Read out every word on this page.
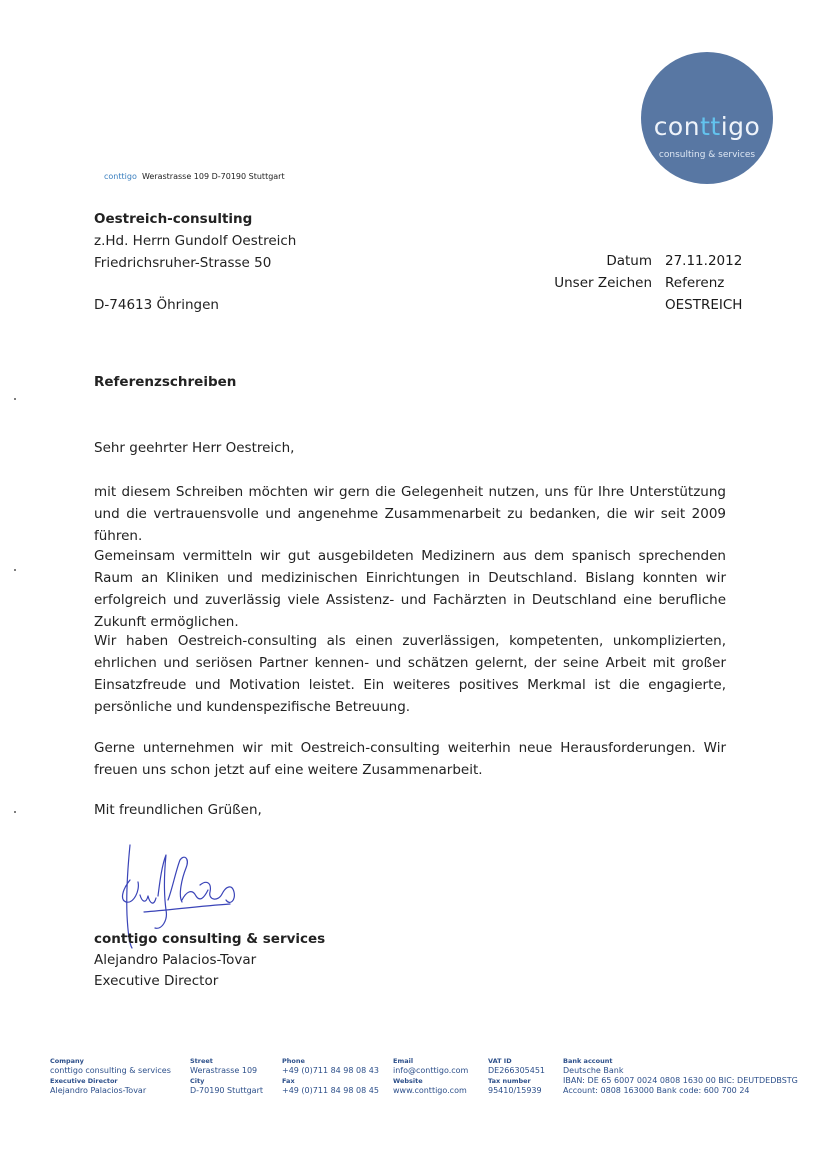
conttigo
consulting & services
conttigo Werastrasse 109 D-70190 Stuttgart
Oestreich-consulting
z.Hd. Herrn Gundolf Oestreich
Friedrichsruher-Strasse 50
D-74613 Öhringen
Datum 27.11.2012
Unser Zeichen Referenz
OESTREICH
Referenzschreiben
Sehr geehrter Herr Oestreich,
mit diesem Schreiben möchten wir gern die Gelegenheit nutzen, uns für Ihre Unterstützung und die vertrauensvolle und angenehme Zusammenarbeit zu bedanken, die wir seit 2009 führen.
Gemeinsam vermitteln wir gut ausgebildeten Medizinern aus dem spanisch sprechenden Raum an Kliniken und medizinischen Einrichtungen in Deutschland. Bislang konnten wir erfolgreich und zuverlässig viele Assistenz- und Fachärzten in Deutschland eine berufliche Zukunft ermöglichen.
Wir haben Oestreich-consulting als einen zuverlässigen, kompetenten, unkomplizierten, ehrlichen und seriösen Partner kennen- und schätzen gelernt, der seine Arbeit mit großer Einsatzfreude und Motivation leistet. Ein weiteres positives Merkmal ist die engagierte, persönliche und kundenspezifische Betreuung.
Gerne unternehmen wir mit Oestreich-consulting weiterhin neue Herausforderungen. Wir freuen uns schon jetzt auf eine weitere Zusammenarbeit.
Mit freundlichen Grüßen,
conttigo consulting & services
Alejandro Palacios-Tovar
Executive Director
Company
conttigo consulting & services
Executive Director
Alejandro Palacios-Tovar
Street
Werastrasse 109
City
D-70190 Stuttgart
Phone
+49 (0)711 84 98 08 43
Fax
+49 (0)711 84 98 08 45
Email
info@conttigo.com
Website
www.conttigo.com
VAT ID
DE266305451
Tax number
95410/15939
Bank account
Deutsche Bank
IBAN: DE 65 6007 0024 0808 1630 00 BIC: DEUTDEDBSTG
Account: 0808 163000 Bank code: 600 700 24
